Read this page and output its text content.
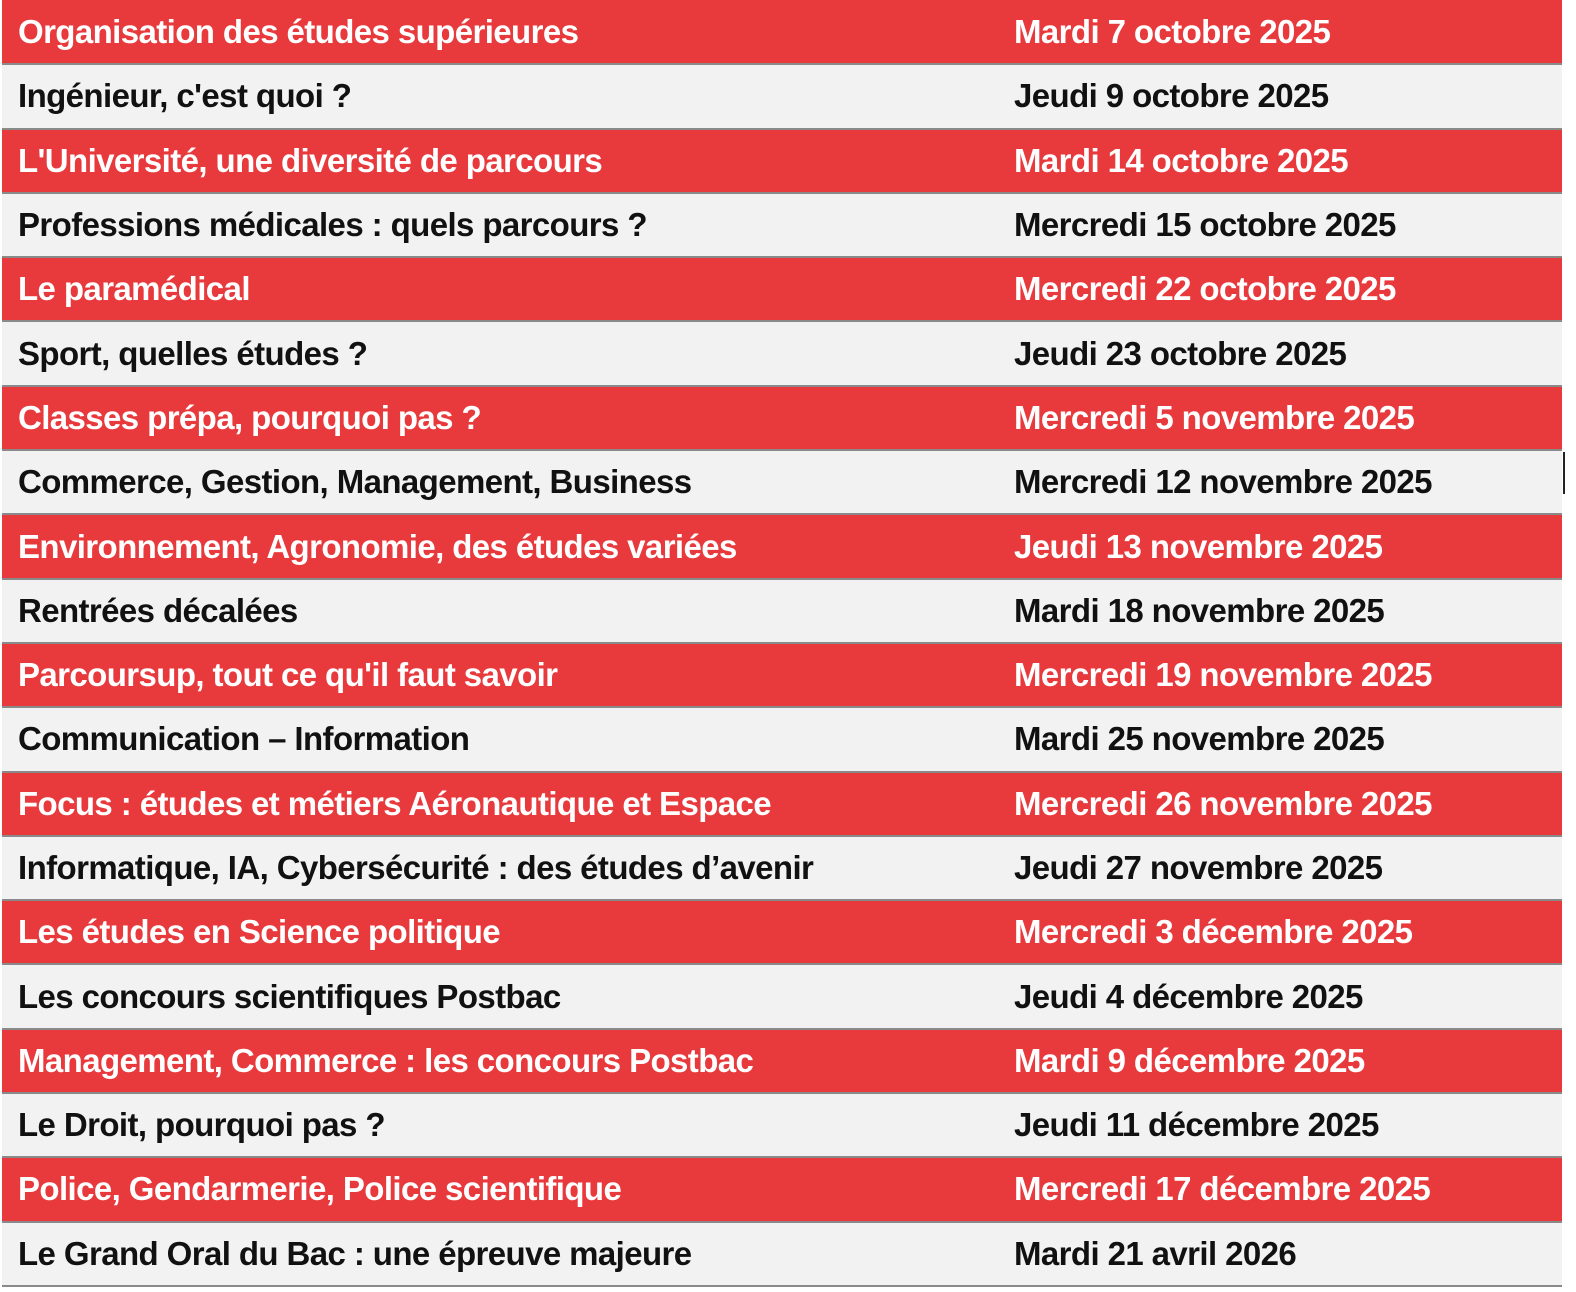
Organisation des études supérieures	Mardi 7 octobre 2025
Ingénieur, c'est quoi ?	Jeudi 9 octobre 2025
L'Université, une diversité de parcours	Mardi 14 octobre 2025
Professions médicales : quels parcours ?	Mercredi 15 octobre 2025
Le paramédical	Mercredi 22 octobre 2025
Sport, quelles études ?	Jeudi 23 octobre 2025
Classes prépa, pourquoi pas ?	Mercredi 5 novembre 2025
Commerce, Gestion, Management, Business	Mercredi 12 novembre 2025
Environnement, Agronomie, des études variées	Jeudi 13 novembre 2025
Rentrées décalées	Mardi 18 novembre 2025
Parcoursup, tout ce qu'il faut savoir	Mercredi 19 novembre 2025
Communication – Information	Mardi 25 novembre 2025
Focus : études et métiers Aéronautique et Espace	Mercredi 26 novembre 2025
Informatique, IA, Cybersécurité : des études d’avenir	Jeudi 27 novembre 2025
Les études en Science politique	Mercredi 3 décembre 2025
Les concours scientifiques Postbac	Jeudi 4 décembre 2025
Management, Commerce : les concours Postbac	Mardi 9 décembre 2025
Le Droit, pourquoi pas ?	Jeudi 11 décembre 2025
Police, Gendarmerie, Police scientifique	Mercredi 17 décembre 2025
Le Grand Oral du Bac : une épreuve majeure	Mardi 21 avril 2026
